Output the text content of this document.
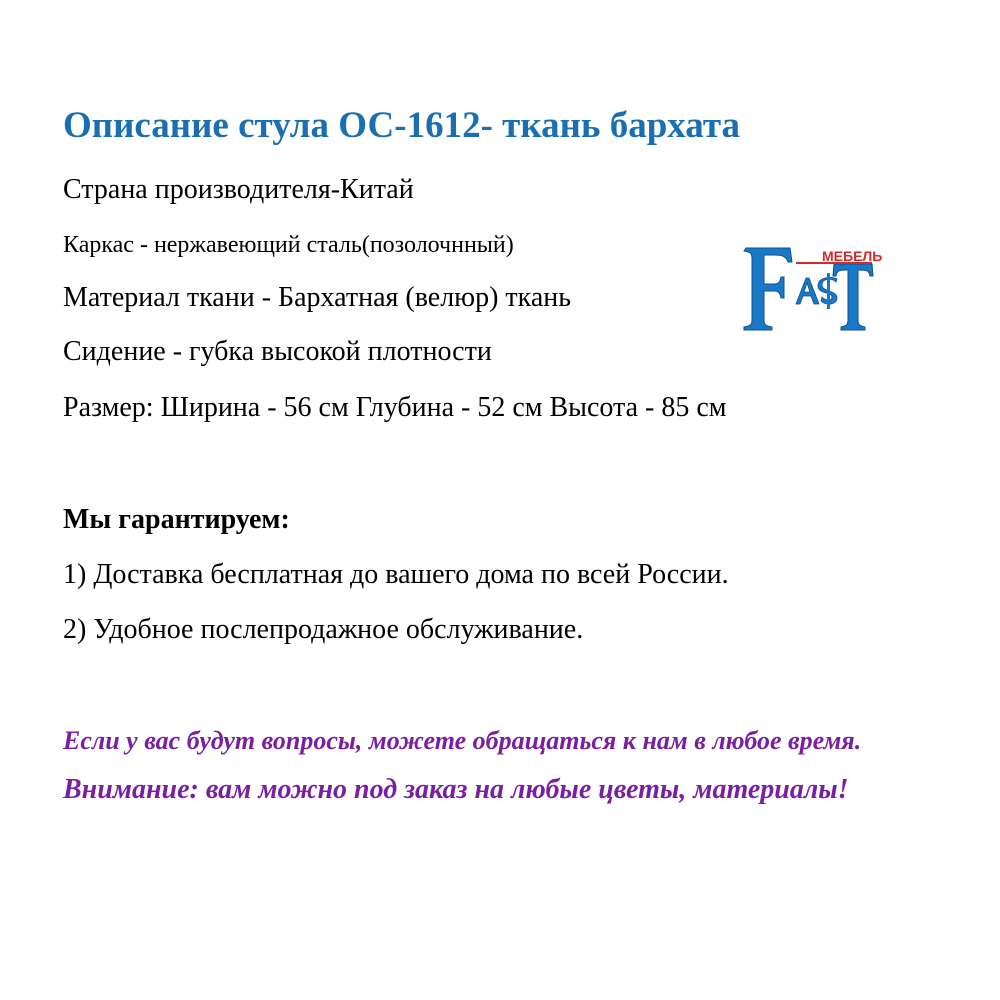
Описание стула ОС-1612- ткань бархата

Страна производителя-Китай

Каркас - нержавеющий сталь(позолочнный)

Материал ткани - Бархатная (велюр) ткань

Сидение - губка высокой плотности

Размер: Ширина - 56 см Глубина - 52 см Высота - 85 см

МЕБЕЛЬ

Мы гарантируем:

1) Доставка бесплатная до вашего дома по всей России.

2) Удобное послепродажное обслуживание.

Если у вас будут вопросы, можете обращаться к нам в любое время.

Внимание: вам можно под заказ на любые цветы, материалы!
